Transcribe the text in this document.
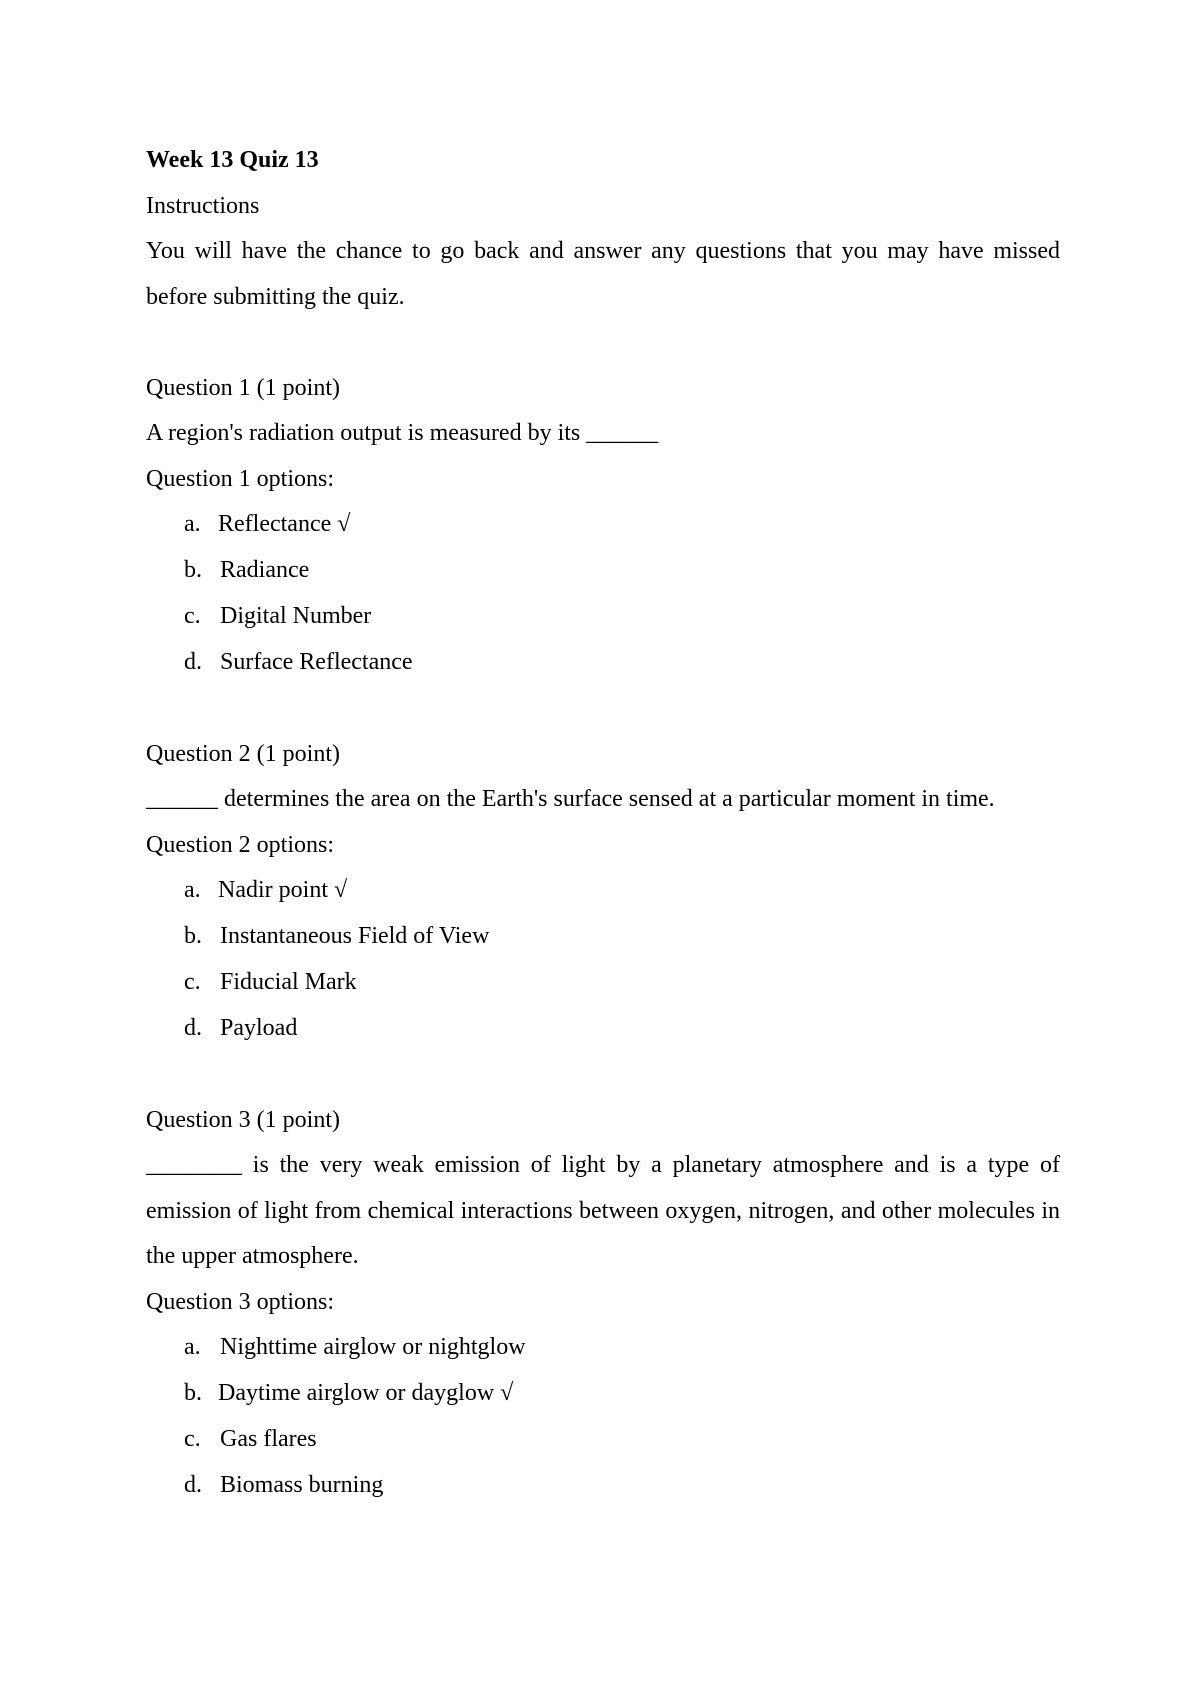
Week 13 Quiz 13

Instructions

You will have the chance to go back and answer any questions that you may have missed before submitting the quiz.

Question 1 (1 point)

A region's radiation output is measured by its ______

Question 1 options:

a. Reflectance √
b. Radiance
c. Digital Number
d. Surface Reflectance

Question 2 (1 point)

______ determines the area on the Earth's surface sensed at a particular moment in time.

Question 2 options:

a. Nadir point √
b. Instantaneous Field of View
c. Fiducial Mark
d. Payload

Question 3 (1 point)

________ is the very weak emission of light by a planetary atmosphere and is a type of emission of light from chemical interactions between oxygen, nitrogen, and other molecules in the upper atmosphere.

Question 3 options:

a. Nighttime airglow or nightglow
b. Daytime airglow or dayglow √
c. Gas flares
d. Biomass burning
